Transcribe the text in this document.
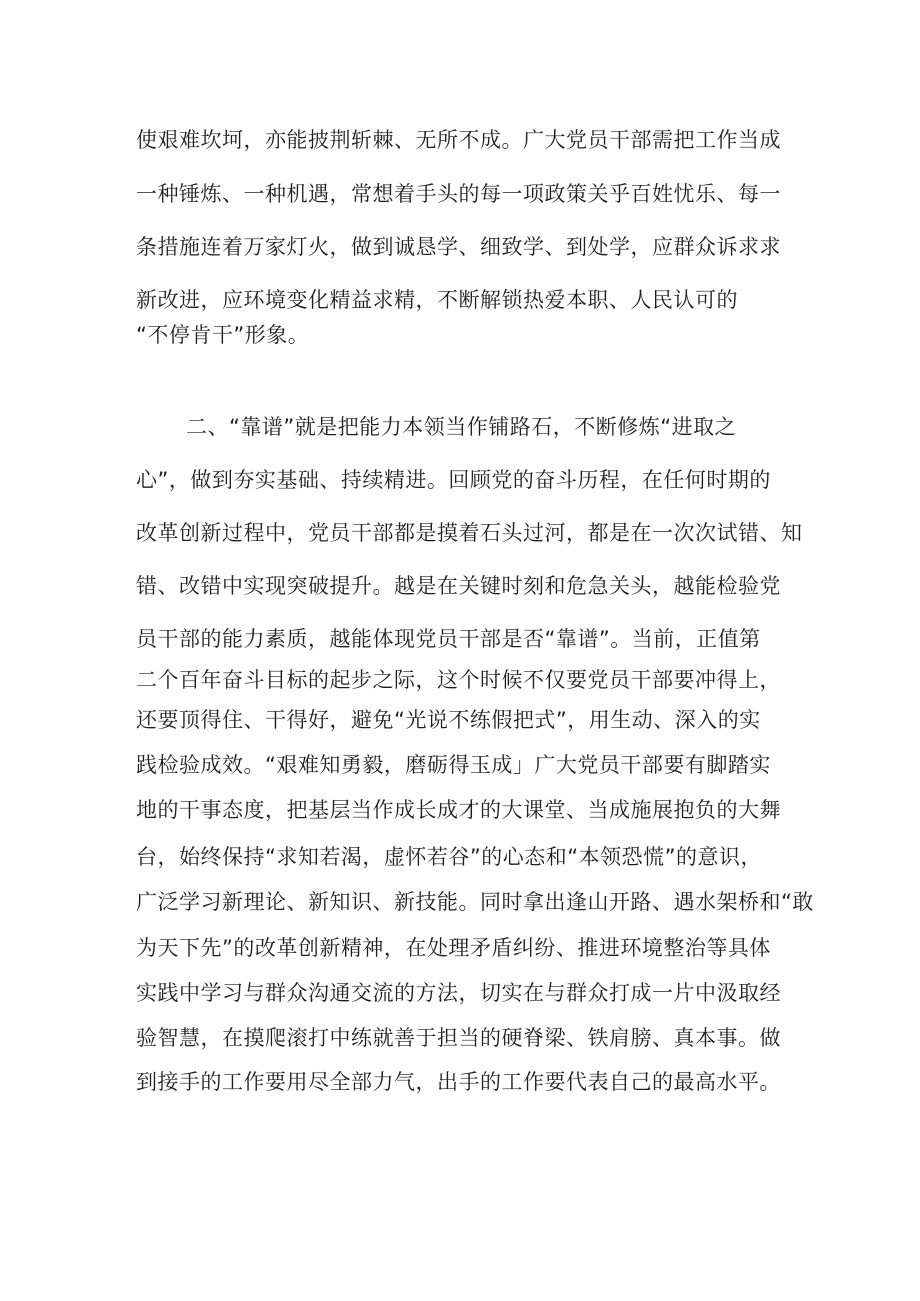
使艰难坎坷，亦能披荆斩棘、无所不成。广大党员干部需把工作当成
一种锤炼、一种机遇，常想着手头的每一项政策关乎百姓忧乐、每一
条措施连着万家灯火，做到诚恳学、细致学、到处学，应群众诉求求
新改进，应环境变化精益求精，不断解锁热爱本职、人民认可的
“不停肯干”形象。
二、“靠谱”就是把能力本领当作铺路石，不断修炼“进取之
心”，做到夯实基础、持续精进。回顾党的奋斗历程，在任何时期的
改革创新过程中，党员干部都是摸着石头过河，都是在一次次试错、知
错、改错中实现突破提升。越是在关键时刻和危急关头，越能检验党
员干部的能力素质，越能体现党员干部是否“靠谱”。当前，正值第
二个百年奋斗目标的起步之际，这个时候不仅要党员干部要冲得上，
还要顶得住、干得好，避免“光说不练假把式”，用生动、深入的实
践检验成效。“艰难知勇毅，磨砺得玉成」广大党员干部要有脚踏实
地的干事态度，把基层当作成长成才的大课堂、当成施展抱负的大舞
台，始终保持“求知若渴，虚怀若谷”的心态和“本领恐慌”的意识，
广泛学习新理论、新知识、新技能。同时拿出逢山开路、遇水架桥和“敢
为天下先”的改革创新精神，在处理矛盾纠纷、推进环境整治等具体
实践中学习与群众沟通交流的方法，切实在与群众打成一片中汲取经
验智慧，在摸爬滚打中练就善于担当的硬脊梁、铁肩膀、真本事。做
到接手的工作要用尽全部力气，出手的工作要代表自己的最高水平。
